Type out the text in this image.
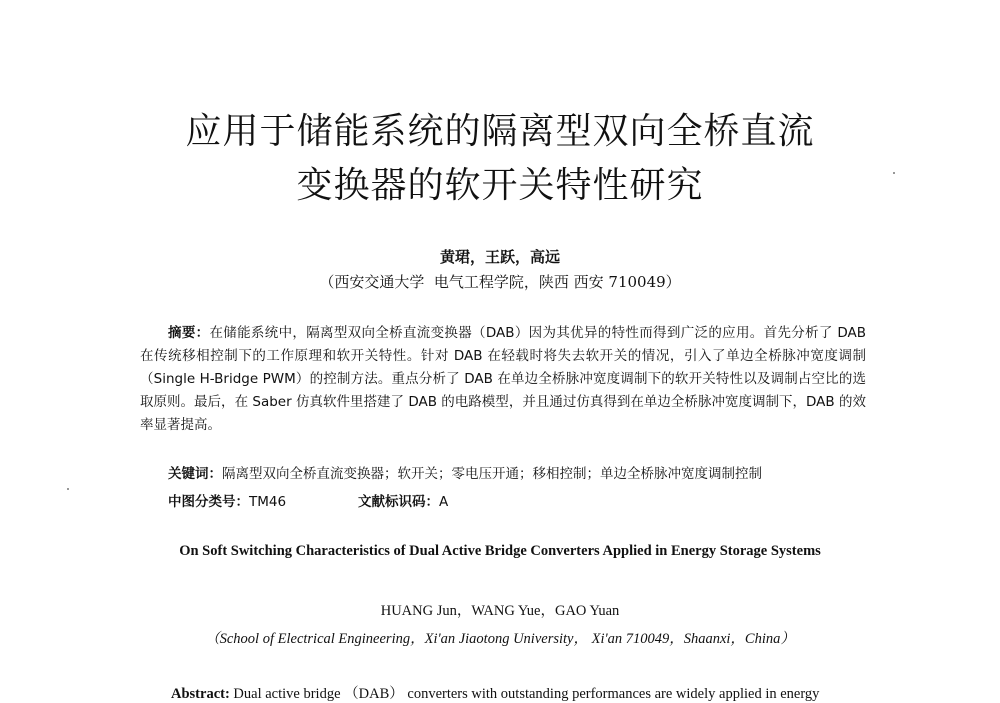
应用于储能系统的隔离型双向全桥直流
变换器的软开关特性研究
黄珺，王跃，高远
（西安交通大学  电气工程学院，陕西 西安 710049）
摘要：在储能系统中，隔离型双向全桥直流变换器（DAB）因为其优异的特性而得到广泛的应用。首先分析了 DAB 在传统移相控制下的工作原理和软开关特性。针对 DAB 在轻载时将失去软开关的情况，引入了单边全桥脉冲宽度调制（Single H-Bridge PWM）的控制方法。重点分析了 DAB 在单边全桥脉冲宽度调制下的软开关特性以及调制占空比的选取原则。最后，在 Saber 仿真软件里搭建了 DAB 的电路模型，并且通过仿真得到在单边全桥脉冲宽度调制下，DAB 的效率显著提高。
关键词：隔离型双向全桥直流变换器；软开关；零电压开通；移相控制；单边全桥脉冲宽度调制控制
中图分类号：TM46	文献标识码：A
On Soft Switching Characteristics of Dual Active Bridge Converters Applied in Energy Storage Systems
HUANG Jun，WANG Yue，GAO Yuan
（School of Electrical Engineering，Xi'an Jiaotong University， Xi'an 710049，Shaanxi，China）
Abstract: Dual active bridge （DAB） converters with outstanding performances are widely applied in energy
